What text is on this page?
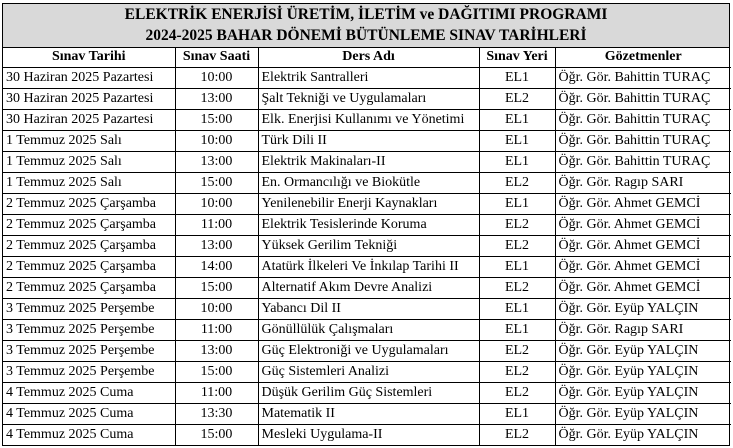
ELEKTRİK ENERJİSİ ÜRETİM, İLETİM ve DAĞITIMI PROGRAMI
2024-2025 BAHAR DÖNEMİ BÜTÜNLEME SINAV TARİHLERİ
Sınav Tarihi	Sınav Saati	Ders Adı	Sınav Yeri	Gözetmenler
30 Haziran 2025 Pazartesi	10:00	Elektrik Santralleri	EL1	Öğr. Gör. Bahittin TURAÇ
30 Haziran 2025 Pazartesi	13:00	Şalt Tekniği ve Uygulamaları	EL2	Öğr. Gör. Bahittin TURAÇ
30 Haziran 2025 Pazartesi	15:00	Elk. Enerjisi Kullanımı ve Yönetimi	EL1	Öğr. Gör. Bahittin TURAÇ
1 Temmuz 2025 Salı	10:00	Türk Dili II	EL1	Öğr. Gör. Bahittin TURAÇ
1 Temmuz 2025 Salı	13:00	Elektrik Makinaları-II	EL1	Öğr. Gör. Bahittin TURAÇ
1 Temmuz 2025 Salı	15:00	En. Ormancılığı ve Biokütle	EL2	Öğr. Gör. Ragıp SARI
2 Temmuz 2025 Çarşamba	10:00	Yenilenebilir Enerji Kaynakları	EL1	Öğr. Gör. Ahmet GEMCİ
2 Temmuz 2025 Çarşamba	11:00	Elektrik Tesislerinde Koruma	EL2	Öğr. Gör. Ahmet GEMCİ
2 Temmuz 2025 Çarşamba	13:00	Yüksek Gerilim Tekniği	EL2	Öğr. Gör. Ahmet GEMCİ
2 Temmuz 2025 Çarşamba	14:00	Atatürk İlkeleri Ve İnkılap Tarihi II	EL1	Öğr. Gör. Ahmet GEMCİ
2 Temmuz 2025 Çarşamba	15:00	Alternatif Akım Devre Analizi	EL2	Öğr. Gör. Ahmet GEMCİ
3 Temmuz 2025 Perşembe	10:00	Yabancı Dil II	EL1	Öğr. Gör. Eyüp YALÇIN
3 Temmuz 2025 Perşembe	11:00	Gönüllülük Çalışmaları	EL1	Öğr. Gör. Ragıp SARI
3 Temmuz 2025 Perşembe	13:00	Güç Elektroniği ve Uygulamaları	EL2	Öğr. Gör. Eyüp YALÇIN
3 Temmuz 2025 Perşembe	15:00	Güç Sistemleri Analizi	EL2	Öğr. Gör. Eyüp YALÇIN
4 Temmuz 2025 Cuma	11:00	Düşük Gerilim Güç Sistemleri	EL2	Öğr. Gör. Eyüp YALÇIN
4 Temmuz 2025 Cuma	13:30	Matematik II	EL1	Öğr. Gör. Eyüp YALÇIN
4 Temmuz 2025 Cuma	15:00	Mesleki Uygulama-II	EL2	Öğr. Gör. Eyüp YALÇIN
